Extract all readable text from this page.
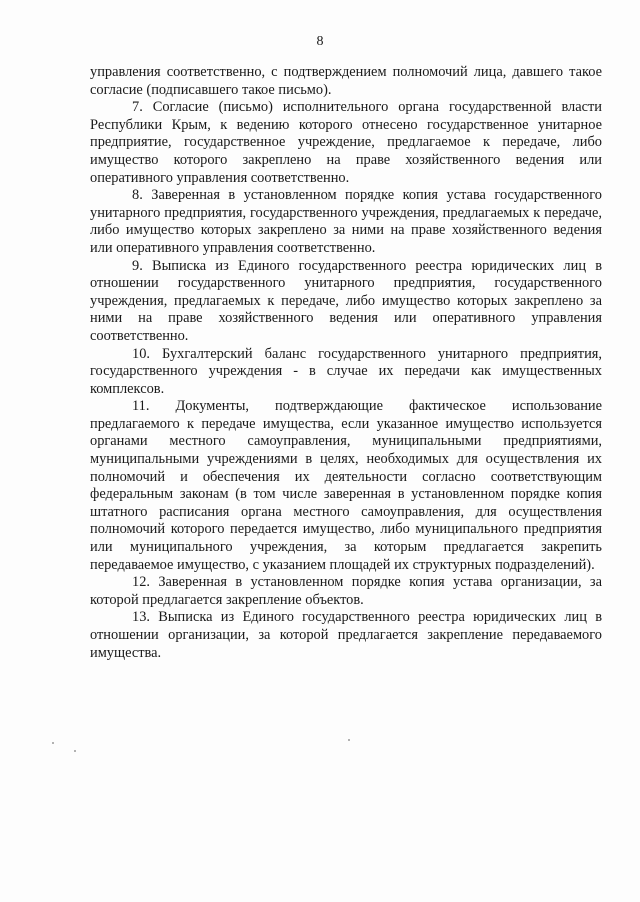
8

управления соответственно, с подтверждением полномочий лица, давшего такое согласие (подписавшего такое письмо).

7. Согласие (письмо) исполнительного органа государственной власти Республики Крым, к ведению которого отнесено государственное унитарное предприятие, государственное учреждение, предлагаемое к передаче, либо имущество которого закреплено на праве хозяйственного ведения или оперативного управления соответственно.

8. Заверенная в установленном порядке копия устава государственного унитарного предприятия, государственного учреждения, предлагаемых к передаче, либо имущество которых закреплено за ними на праве хозяйственного ведения или оперативного управления соответственно.

9. Выписка из Единого государственного реестра юридических лиц в отношении государственного унитарного предприятия, государственного учреждения, предлагаемых к передаче, либо имущество которых закреплено за ними на праве хозяйственного ведения или оперативного управления соответственно.

10. Бухгалтерский баланс государственного унитарного предприятия, государственного учреждения - в случае их передачи как имущественных комплексов.

11. Документы, подтверждающие фактическое использование предлагаемого к передаче имущества, если указанное имущество используется органами местного самоуправления, муниципальными предприятиями, муниципальными учреждениями в целях, необходимых для осуществления их полномочий и обеспечения их деятельности согласно соответствующим федеральным законам (в том числе заверенная в установленном порядке копия штатного расписания органа местного самоуправления, для осуществления полномочий которого передается имущество, либо муниципального предприятия или муниципального учреждения, за которым предлагается закрепить передаваемое имущество, с указанием площадей их структурных подразделений).

12. Заверенная в установленном порядке копия устава организации, за которой предлагается закрепление объектов.

13. Выписка из Единого государственного реестра юридических лиц в отношении организации, за которой предлагается закрепление передаваемого имущества.
